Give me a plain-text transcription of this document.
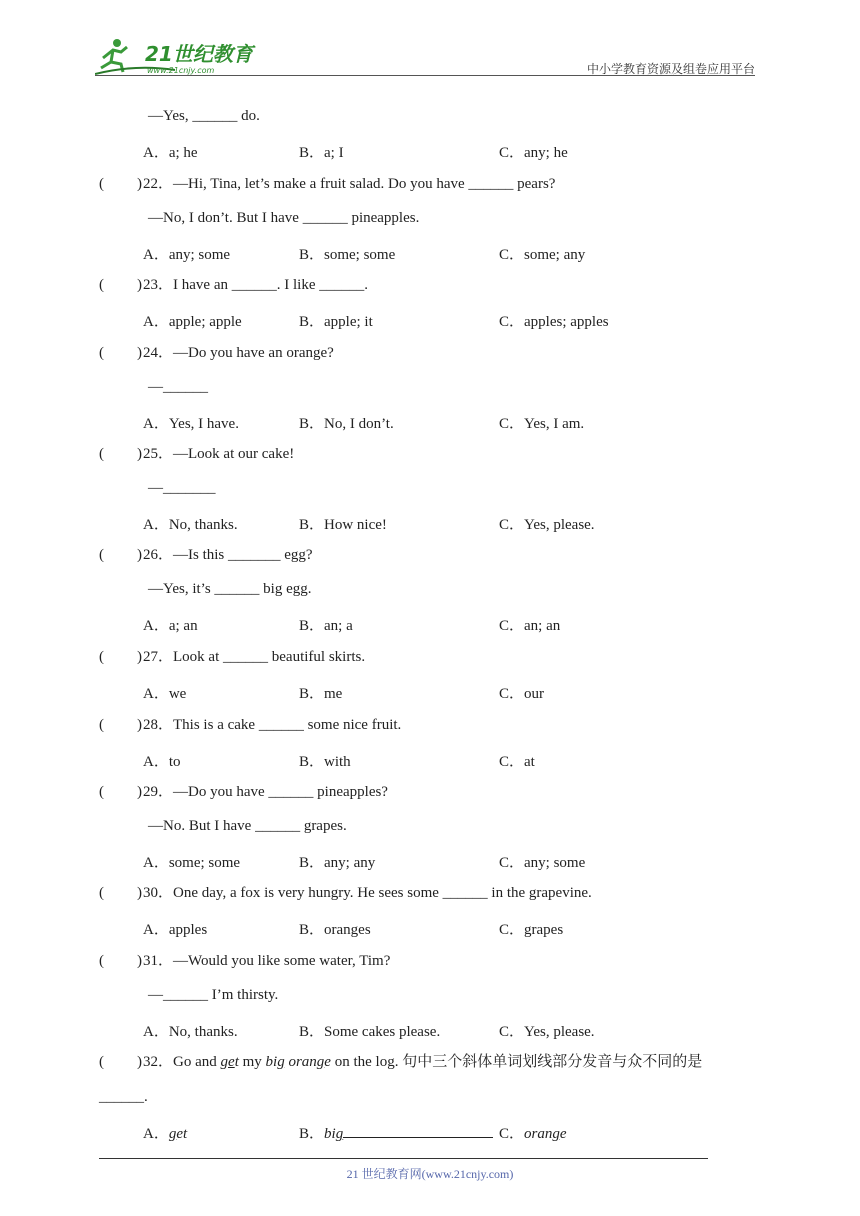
21世纪教育
www.21cnjy.com	中小学教育资源及组卷应用平台
—Yes, ______ do.
A．a; he	B．a; I	C．any; he
( ) 22．—Hi, Tina, let’s make a fruit salad. Do you have ______ pears?
—No, I don’t. But I have ______ pineapples.
A．any; some	B．some; some	C．some; any
( ) 23．I have an ______. I like ______.
A．apple; apple	B．apple; it	C．apples; apples
( ) 24．—Do you have an orange?
—______
A．Yes, I have.	B．No, I don’t.	C．Yes, I am.
( ) 25．—Look at our cake!
—_______
A．No, thanks.	B．How nice!	C．Yes, please.
( ) 26．—Is this _______ egg?
—Yes, it’s ______ big egg.
A．a; an	B．an; a	C．an; an
( ) 27．Look at ______ beautiful skirts.
A．we	B．me	C．our
( ) 28．This is a cake ______ some nice fruit.
A．to	B．with	C．at
( ) 29．—Do you have ______ pineapples?
—No. But I have ______ grapes.
A．some; some	B．any; any	C．any; some
( ) 30．One day, a fox is very hungry. He sees some ______ in the grapevine.
A．apples	B．oranges	C．grapes
( ) 31．—Would you like some water, Tim?
—______ I’m thirsty.
A．No, thanks.	B．Some cakes please.	C．Yes, please.
( ) 32．Go and get my big orange on the log. 句中三个斜体单词划线部分发音与众不同的是
______.
A．get	B．big	C．orange
21 世纪教育网(www.21cnjy.com)
